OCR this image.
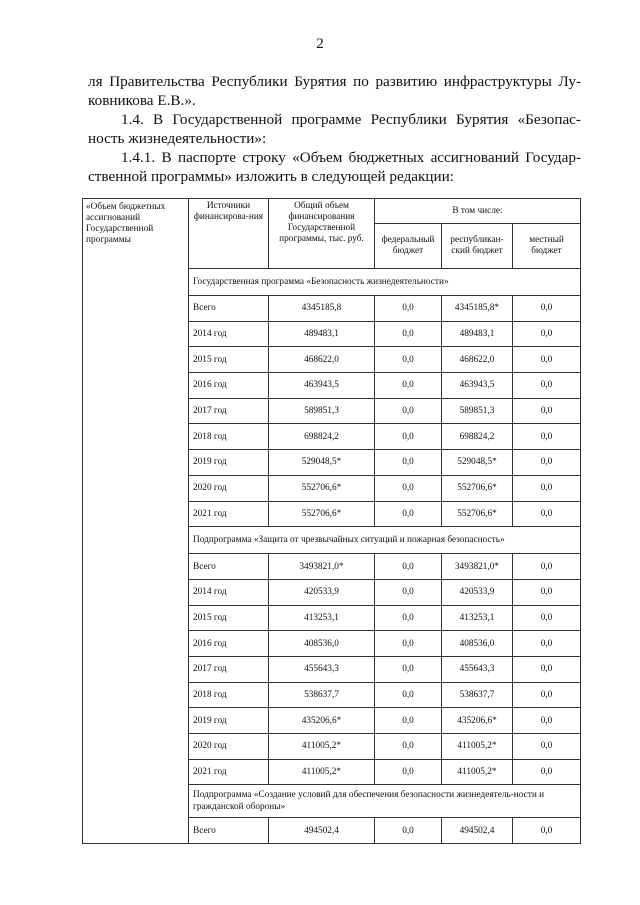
2
ля Правительства Республики Бурятия по развитию инфраструктуры Лу-
ковникова Е.В.».
1.4. В Государственной программе Республики Бурятия «Безопас-
ность жизнедеятельности»:
1.4.1. В паспорте строку «Объем бюджетных ассигнований Государ-
ственной программы» изложить в следующей редакции:
«Объем бюджетных ассигнований Государственной программы	Источники финансирова-ния	Общий объем финансирования Государственной программы, тыс. руб.	В том числе:		
			федеральный бюджет	республикан-ский бюджет	местный бюджет
	Государственная программа «Безопасность жизнедеятельности»				
	Всего	4345185,8	0,0	4345185,8*	0,0
	2014 год	489483,1	0,0	489483,1	0,0
	2015 год	468622,0	0,0	468622,0	0,0
	2016 год	463943,5	0,0	463943,5	0,0
	2017 год	589851,3	0,0	589851,3	0,0
	2018 год	698824,2	0,0	698824,2	0,0
	2019 год	529048,5*	0,0	529048,5*	0,0
	2020 год	552706,6*	0,0	552706,6*	0,0
	2021 год	552706,6*	0,0	552706,6*	0,0
	Подпрограмма «Защита от чрезвычайных ситуаций и пожарная безопасность»				
	Всего	3493821,0*	0,0	3493821,0*	0,0
	2014 год	420533,9	0,0	420533,9	0,0
	2015 год	413253,1	0,0	413253,1	0,0
	2016 год	408536,0	0,0	408536,0	0,0
	2017 год	455643,3	0,0	455643,3	0,0
	2018 год	538637,7	0,0	538637,7	0,0
	2019 год	435206,6*	0,0	435206,6*	0,0
	2020 год	411005,2*	0,0	411005,2*	0,0
	2021 год	411005,2*	0,0	411005,2*	0,0
	Подпрограмма «Создание условий для обеспечения безопасности жизнедеятель-ности и гражданской обороны»				
	Всего	494502,4	0,0	494502,4	0,0
